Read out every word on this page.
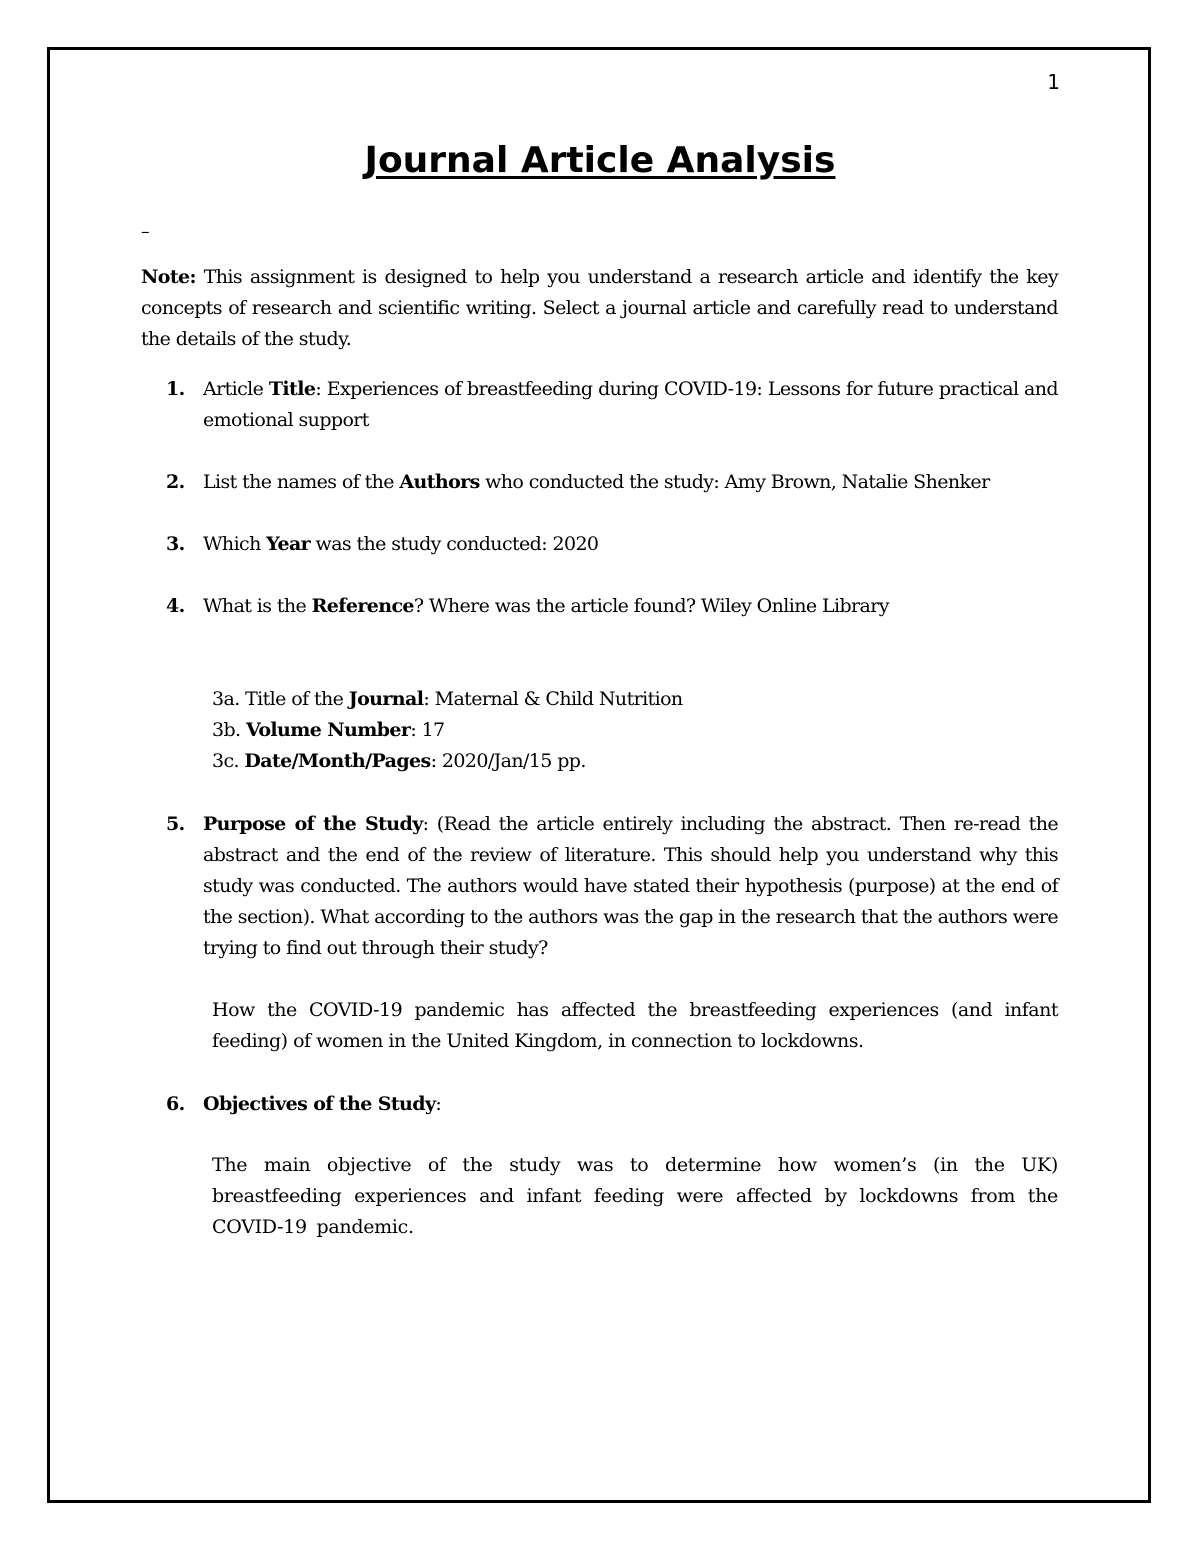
1
Journal Article Analysis
–

Note: This assignment is designed to help you understand a research article and identify the key concepts of research and scientific writing. Select a journal article and carefully read to understand the details of the study.

1. Article Title: Experiences of breastfeeding during COVID-19: Lessons for future practical and emotional support
2. List the names of the Authors who conducted the study: Amy Brown, Natalie Shenker
3. Which Year was the study conducted: 2020
4. What is the Reference? Where was the article found? Wiley Online Library
3a. Title of the Journal: Maternal & Child Nutrition
3b. Volume Number: 17
3c. Date/Month/Pages: 2020/Jan/15 pp.
5. Purpose of the Study: (Read the article entirely including the abstract. Then re-read the abstract and the end of the review of literature. This should help you understand why this study was conducted. The authors would have stated their hypothesis (purpose) at the end of the section). What according to the authors was the gap in the research that the authors were trying to find out through their study?
How the COVID-19 pandemic has affected the breastfeeding experiences (and infant feeding) of women in the United Kingdom, in connection to lockdowns.
6. Objectives of the Study:
The main objective of the study was to determine how women’s (in the UK) breastfeeding experiences and infant feeding were affected by lockdowns from the COVID-19 pandemic.
